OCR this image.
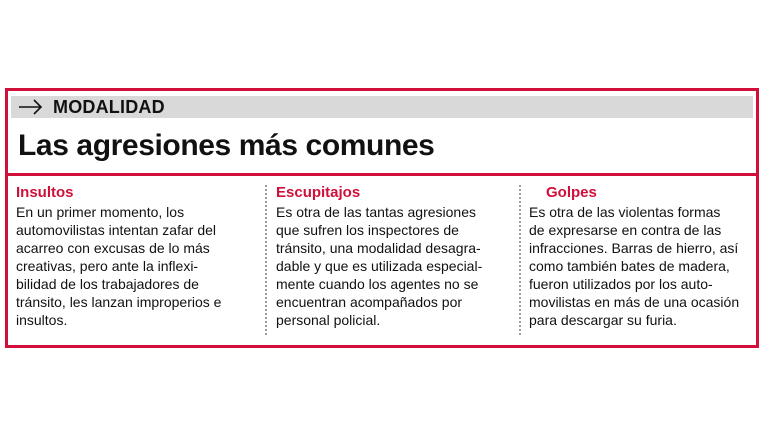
MODALIDAD
Las agresiones más comunes
Insultos
En un primer momento, los
automovilistas intentan zafar del
acarreo con excusas de lo más
creativas, pero ante la inflexi-
bilidad de los trabajadores de
tránsito, les lanzan improperios e
insultos.
Escupitajos
Es otra de las tantas agresiones
que sufren los inspectores de
tránsito, una modalidad desagra-
dable y que es utilizada especial-
mente cuando los agentes no se
encuentran acompañados por
personal policial.
Golpes
Es otra de las violentas formas
de expresarse en contra de las
infracciones. Barras de hierro, así
como también bates de madera,
fueron utilizados por los auto-
movilistas en más de una ocasión
para descargar su furia.
